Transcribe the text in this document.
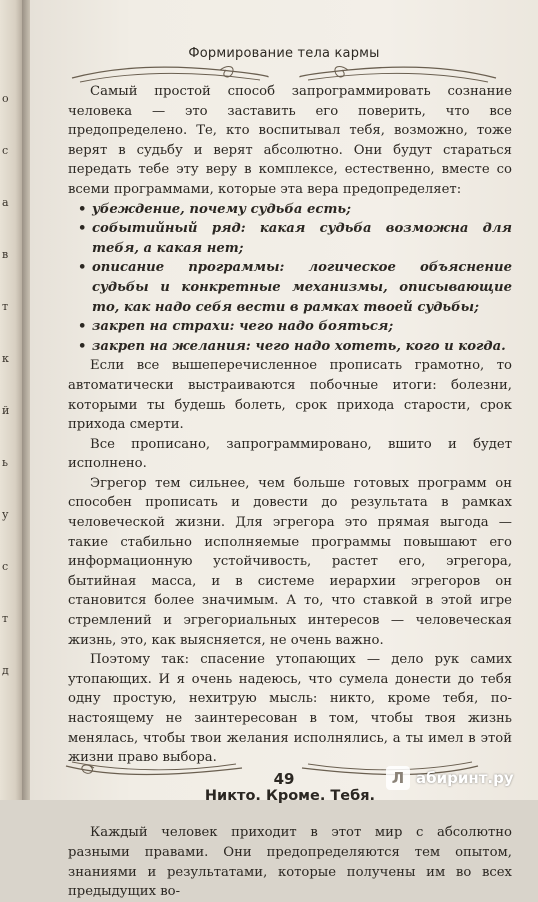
о
с
а
в
т
к
й
ь
у
с
т
д
Формирование тела кармы

Самый простой способ запрограммировать сознание человека — это заставить его поверить, что все предопределено. Те, кто воспитывал тебя, возможно, тоже верят в судьбу и верят абсолютно. Они будут стараться передать тебе эту веру в комплексе, естественно, вместе со всеми программами, которые эта вера предопределяет:

• убеждение, почему судьба есть;

• событийный ряд: какая судьба возможна для тебя, а какая нет;

• описание программы: логическое объяснение судьбы и конкретные механизмы, описывающие то, как надо себя вести в рамках твоей судьбы;

• закреп на страхи: чего надо бояться;

• закреп на желания: чего надо хотеть, кого и когда.

Если все вышеперечисленное прописать грамотно, то автоматически выстраиваются побочные итоги: болезни, которыми ты будешь болеть, срок прихода старости, срок прихода смерти.

Все прописано, запрограммировано, вшито и будет исполнено.

Эгрегор тем сильнее, чем больше готовых программ он способен прописать и довести до результата в рамках человеческой жизни. Для эгрегора это прямая выгода — такие стабильно исполняемые программы повышают его информационную устойчивость, растет его, эгрегора, бытийная масса, и в системе иерархии эгрегоров он становится более значимым. А то, что ставкой в этой игре стремлений и эгрегориальных интересов — человеческая жизнь, это, как выясняется, не очень важно.

Поэтому так: спасение утопающих — дело рук самих утопающих. И я очень надеюсь, что сумела донести до тебя одну простую, нехитрую мысль: никто, кроме тебя, по-настоящему не заинтересован в том, чтобы твоя жизнь менялась, чтобы твои желания исполнялись, а ты имел в этой жизни право выбора.

Никто. Кроме. Тебя.

Каждый человек приходит в этот мир с абсолютно разными правами. Они предопределяются тем опытом, знаниями и результатами, которые получены им во всех предыдущих во-

49	Л абиринт.ру
